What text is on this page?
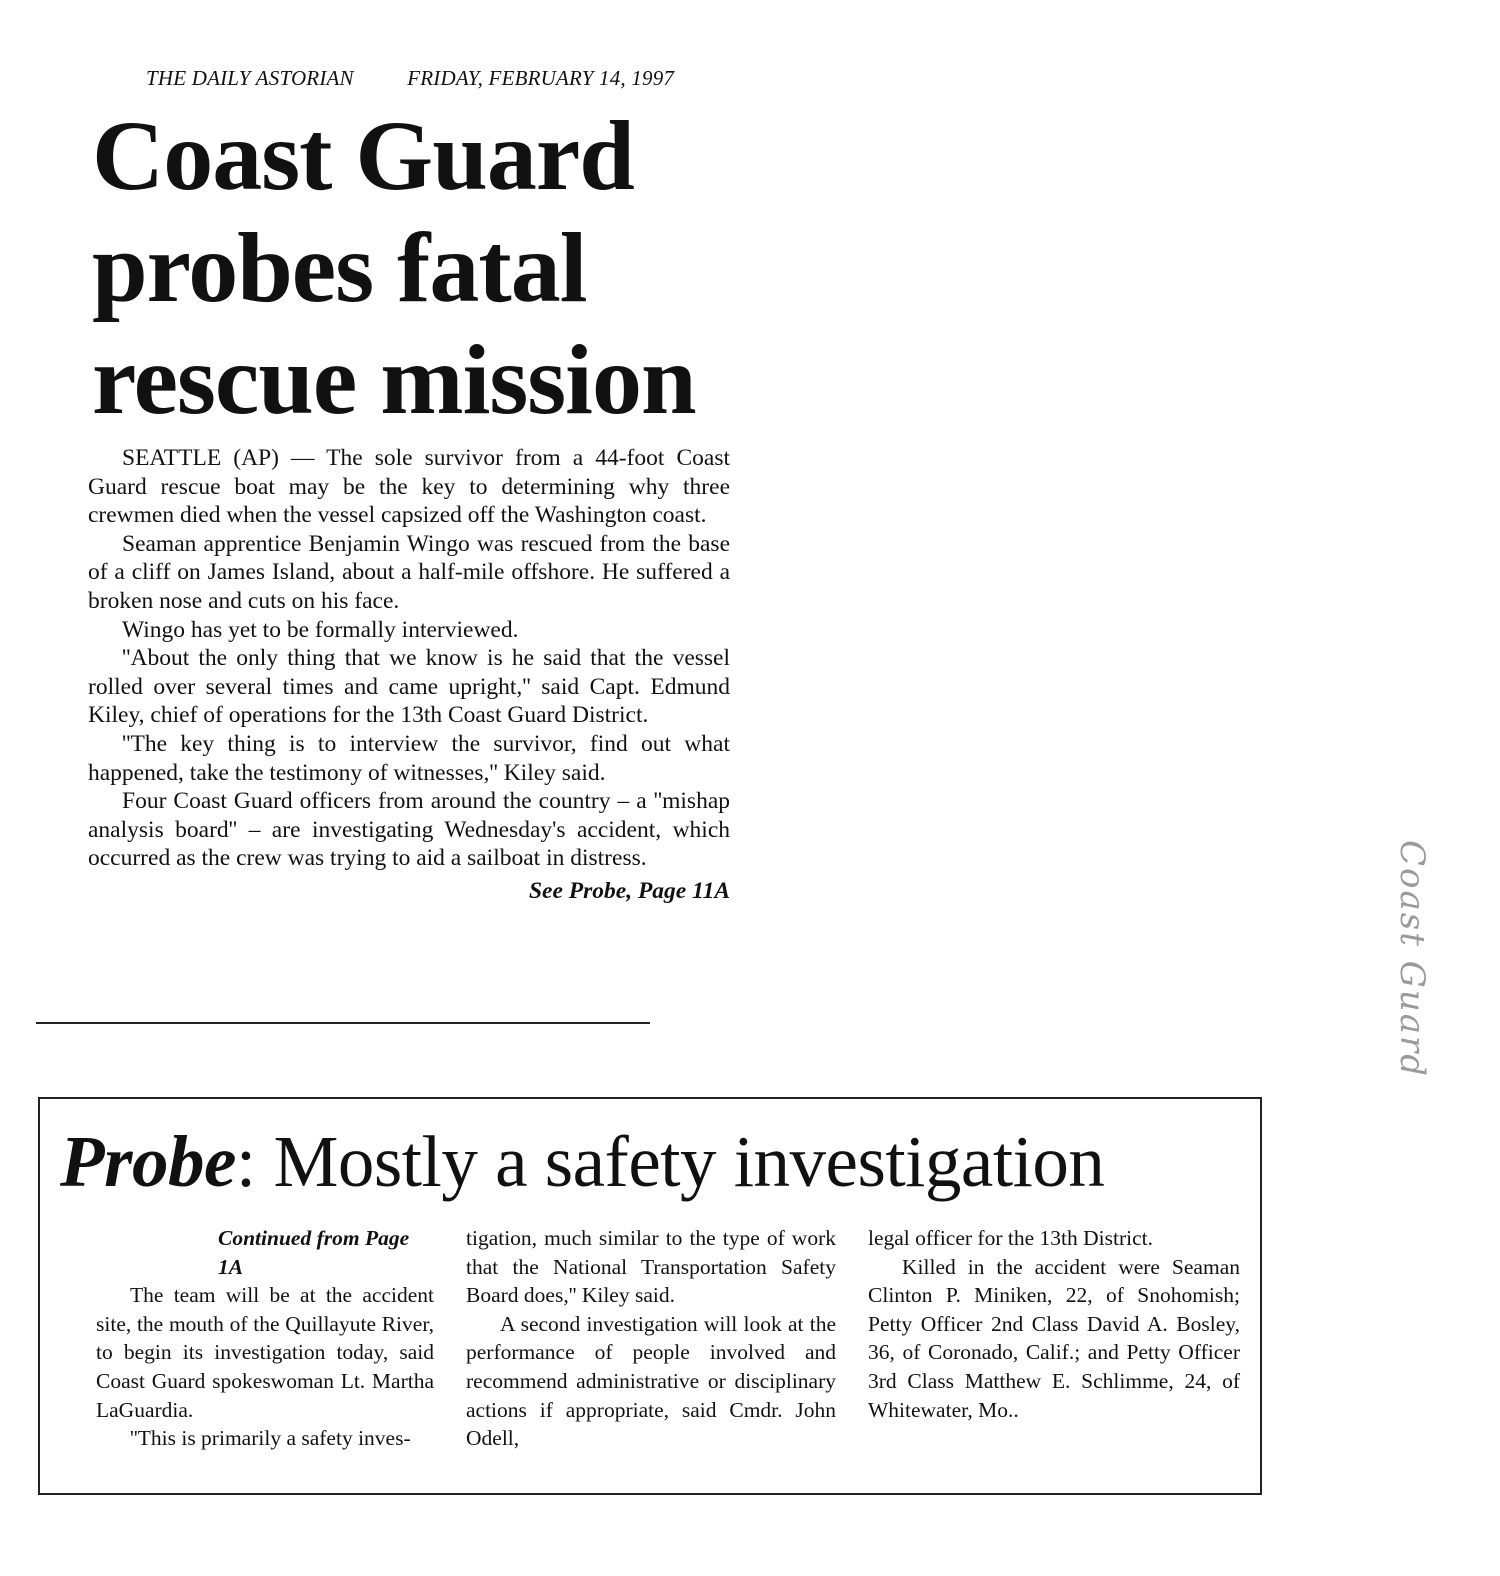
THE DAILY ASTORIAN	FRIDAY, FEBRUARY 14, 1997
Coast Guard
probes fatal
rescue mission

SEATTLE (AP) — The sole survivor from a 44-foot Coast Guard rescue boat may be the key to determining why three crewmen died when the vessel capsized off the Washington coast.

Seaman apprentice Benjamin Wingo was rescued from the base of a cliff on James Island, about a half-mile offshore. He suffered a broken nose and cuts on his face.

Wingo has yet to be formally interviewed.

''About the only thing that we know is he said that the vessel rolled over several times and came upright,'' said Capt. Edmund Kiley, chief of operations for the 13th Coast Guard District.

''The key thing is to interview the survivor, find out what happened, take the testimony of witnesses,'' Kiley said.

Four Coast Guard officers from around the country – a ''mishap analysis board'' – are investigating Wednesday's accident, which occurred as the crew was trying to aid a sailboat in distress.

See Probe, Page 11A

Probe: Mostly a safety investigation

Continued from Page 1A

The team will be at the accident site, the mouth of the Quillayute River, to begin its investigation today, said Coast Guard spokeswoman Lt. Martha LaGuardia.

''This is primarily a safety inves-

tigation, much similar to the type of work that the National Transportation Safety Board does,'' Kiley said.

A second investigation will look at the performance of people involved and recommend administrative or disciplinary actions if appropriate, said Cmdr. John Odell,

legal officer for the 13th District.

Killed in the accident were Seaman Clinton P. Miniken, 22, of Snohomish; Petty Officer 2nd Class David A. Bosley, 36, of Coronado, Calif.; and Petty Officer 3rd Class Matthew E. Schlimme, 24, of Whitewater, Mo..

Coast Guard
